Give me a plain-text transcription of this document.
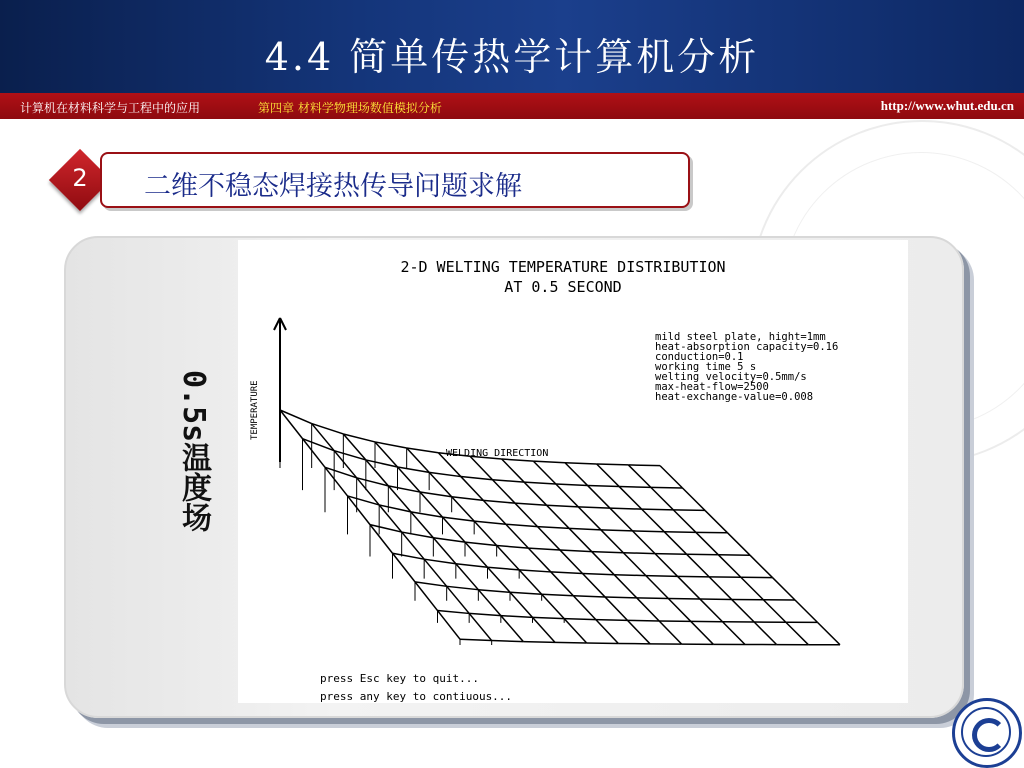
4.4 简单传热学计算机分析
计算机在材料科学与工程中的应用	第四章 材料学物理场数值模拟分析	http://www.whut.edu.cn
2	二维不稳态焊接热传导问题求解
0.5s温度场
2-D WELTING TEMPERATURE DISTRIBUTION
AT 0.5 SECOND
mild steel plate, hight=1mm
heat-absorption capacity=0.16
conduction=0.1
working time 5 s
welting velocity=0.5mm/s
max-heat-flow=2500
heat-exchange-value=0.008
TEMPERATURE
WELDING DIRECTION
press Esc key to quit...
press any key to contiuous...
